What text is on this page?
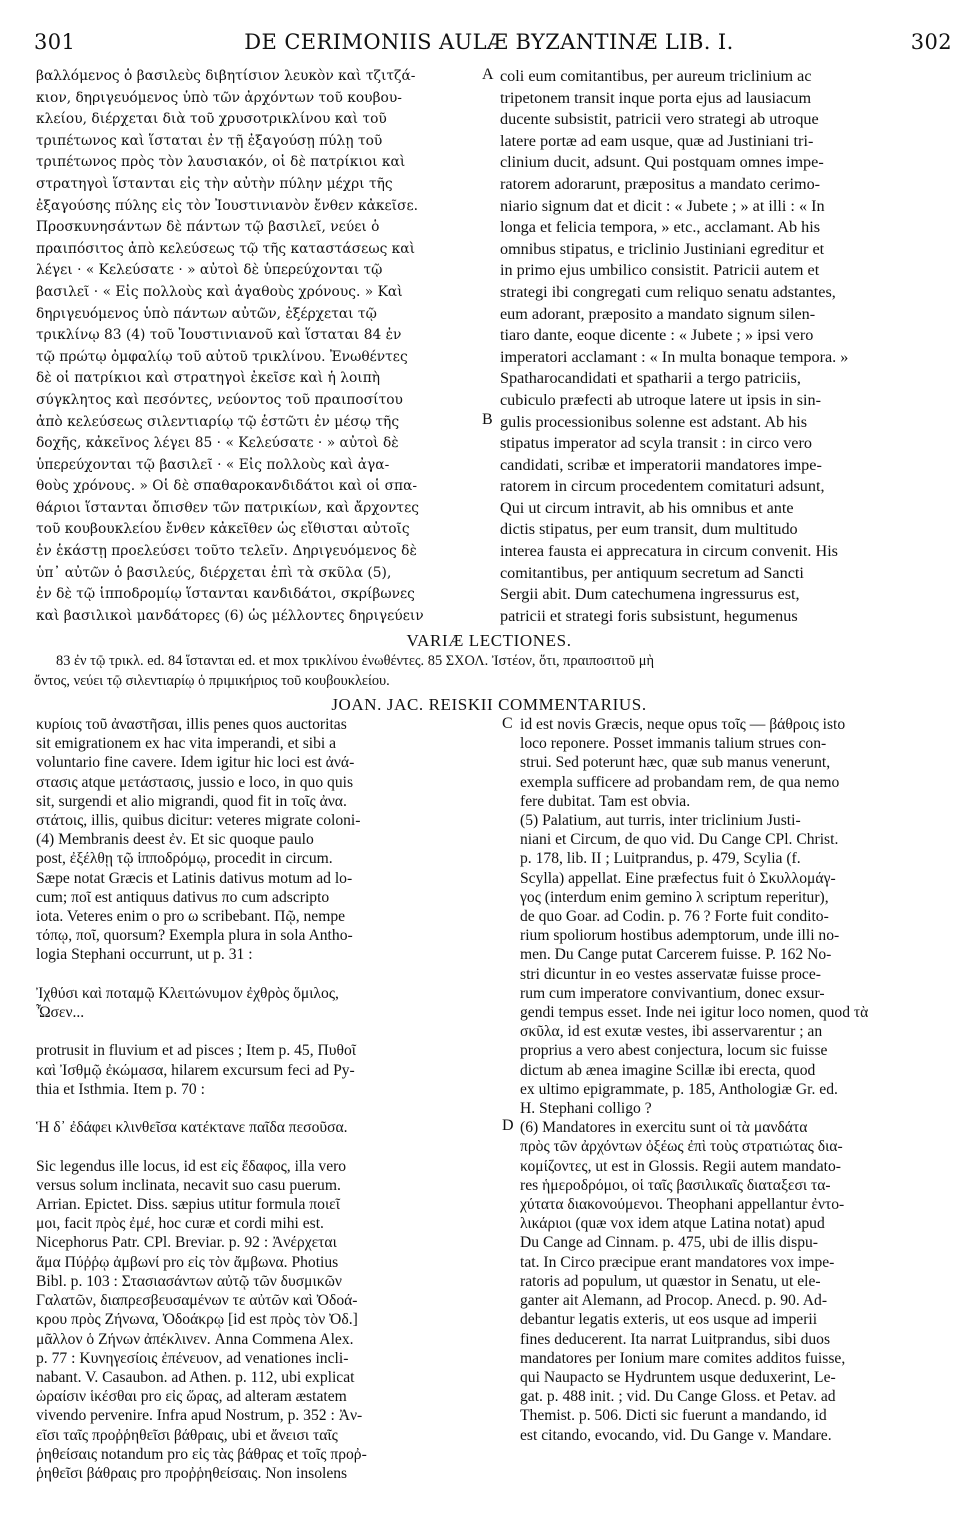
301	DE CERIMONIIS AULÆ BYZANTINÆ LIB. I.	302
βαλλόμενος ὁ βασιλεὺς διβητίσιον λευκὸν καὶ τζιτζά-
κιον, δηριγευόμενος ὑπὸ τῶν ἀρχόντων τοῦ κουβου-
κλείου, διέρχεται διὰ τοῦ χρυσοτρικλίνου καὶ τοῦ
τριπέτωνος καὶ ἵσταται ἐν τῇ ἐξαγούσῃ πύλῃ τοῦ
τριπέτωνος πρὸς τὸν λαυσιακόν, οἱ δὲ πατρίκιοι καὶ
στρατηγοὶ ἵστανται εἰς τὴν αὐτὴν πύλην μέχρι τῆς
ἐξαγούσης πύλης εἰς τὸν Ἰουστινιανὸν ἔνθεν κἀκεῖσε.
Προσκυνησάντων δὲ πάντων τῷ βασιλεῖ, νεύει ὁ
πραιπόσιτος ἀπὸ κελεύσεως τῷ τῆς καταστάσεως καὶ
λέγει · « Κελεύσατε · » αὐτοὶ δὲ ὑπερεύχονται τῷ
βασιλεῖ · « Εἰς πολλοὺς καὶ ἀγαθοὺς χρόνους. » Καὶ
δηριγευόμενος ὑπὸ πάντων αὐτῶν, ἐξέρχεται τῷ
τρικλίνῳ 83 (4) τοῦ Ἰουστινιανοῦ καὶ ἵσταται 84 ἐν
τῷ πρώτῳ ὀμφαλίῳ τοῦ αὐτοῦ τρικλίνου. Ἐνωθέντες
δὲ οἱ πατρίκιοι καὶ στρατηγοὶ ἐκεῖσε καὶ ἡ λοιπὴ
σύγκλητος καὶ πεσόντες, νεύοντος τοῦ πραιποσίτου
ἀπὸ κελεύσεως σιλεντιαρίῳ τῷ ἑστῶτι ἐν μέσῳ τῆς
δοχῆς, κἀκεῖνος λέγει 85 · « Κελεύσατε · » αὐτοὶ δὲ
ὑπερεύχονται τῷ βασιλεῖ · « Εἰς πολλοὺς καὶ ἀγα-
θοὺς χρόνους. » Οἱ δὲ σπαθαροκανδιδάτοι καὶ οἱ σπα-
θάριοι ἵστανται ὄπισθεν τῶν πατρικίων, καὶ ἄρχοντες
τοῦ κουβουκλείου ἔνθεν κἀκεῖθεν ὡς εἴθισται αὐτοῖς
ἐν ἑκάστῃ προελεύσει τοῦτο τελεῖν. Δηριγευόμενος δὲ
ὑπ᾽ αὐτῶν ὁ βασιλεύς, διέρχεται ἐπὶ τὰ σκῦλα (5),
ἐν δὲ τῷ ἱπποδρομίῳ ἵστανται κανδιδάτοι, σκρίβωνες
καὶ βασιλικοὶ μανδάτορες (6) ὡς μέλλοντες δηριγεύειν
coli eum comitantibus, per aureum triclinium ac
tripetonem transit inque porta ejus ad lausiacum
ducente subsistit, patricii vero strategi ab utroque
latere portæ ad eam usque, quæ ad Justiniani tri-
clinium ducit, adsunt. Qui postquam omnes impe-
ratorem adorarunt, præpositus a mandato cerimo-
niario signum dat et dicit : « Jubete ; » at illi : « In
longa et felicia tempora, » etc., acclamant. Ab his
omnibus stipatus, e triclinio Justiniani egreditur et
in primo ejus umbilico consistit. Patricii autem et
strategi ibi congregati cum reliquo senatu adstantes,
eum adorant, præposito a mandato signum silen-
tiaro dante, eoque dicente : « Jubete ; » ipsi vero
imperatori acclamant : « In multa bonaque tempora. »
Spatharocandidati et spatharii a tergo patriciis,
cubiculo præfecti ab utroque latere ut ipsis in sin-
gulis processionibus solenne est adstant. Ab his
stipatus imperator ad scyla transit : in circo vero
candidati, scribæ et imperatorii mandatores impe-
ratorem in circum procedentem comitaturi adsunt,
Qui ut circum intravit, ab his omnibus et ante
dictis stipatus, per eum transit, dum multitudo
interea fausta ei apprecatura in circum convenit. His
comitantibus, per antiquum secretum ad Sancti
Sergii abit. Dum catechumena ingressurus est,
patricii et strategi foris subsistunt, hegumenus
A
B
VARIÆ LECTIONES.
83 ἐν τῷ τρικλ. ed. 84 ἵστανται ed. et mox τρικλίνου ἐνωθέντες. 85 ΣΧΟΛ. Ἰστέον, ὅτι, πραιποσιτοῦ μὴ
ὄντος, νεύει τῷ σιλεντιαρίῳ ὁ πριμικήριος τοῦ κουβουκλείου.
JOAN. JAC. REISKII COMMENTARIUS.
κυρίοις τοῦ ἀναστῆσαι, illis penes quos auctoritas
sit emigrationem ex hac vita imperandi, et sibi a
voluntario fine cavere. Idem igitur hic loci est ἀνά-
στασις atque μετάστασις, jussio e loco, in quo quis
sit, surgendi et alio migrandi, quod fit in τοῖς ἀνα.
στάτοις, illis, quibus dicitur: veteres migrate coloni-
(4) Membranis deest ἐν. Et sic quoque paulo
post, ἐξέλθῃ τῷ ἱπποδρόμῳ, procedit in circum.
Sæpe notat Græcis et Latinis dativus motum ad lo-
cum; ποῖ est antiquus dativus πο cum adscripto
iota. Veteres enim o pro ω scribebant. Πῷ, nempe
τόπῳ, ποῖ, quorsum? Exempla plura in sola Antho-
logia Stephani occurrunt, ut p. 31 :

Ἰχθύσι καὶ ποταμῷ Κλειτώνυμον ἐχθρὸς ὅμιλος,
Ὦσεν...

protrusit in fluvium et ad pisces ; Item p. 45, Πυθοῖ
καὶ Ἰσθμῷ ἐκώμασα, hilarem excursum feci ad Py-
thia et Isthmia. Item p. 70 :

Ἡ δ᾽ ἐδάφει κλινθεῖσα κατέκτανε παῖδα πεσοῦσα.

Sic legendus ille locus, id est εἰς ἔδαφος, illa vero
versus solum inclinata, necavit suo casu puerum.
Arrian. Epictet. Diss. sæpius utitur formula ποιεῖ
μοι, facit πρὸς ἐμέ, hoc curæ et cordi mihi est.
Nicephorus Patr. CPl. Breviar. p. 92 : Ἀνέρχεται
ἅμα Πύῤῥῳ ἀμβωνί pro εἰς τὸν ἄμβωνα. Photius
Bibl. p. 103 : Στασιασάντων αὐτῷ τῶν δυσμικῶν
Γαλατῶν, διαπρεσβευσαμένων τε αὐτῶν καὶ Ὀδοά-
κρου πρὸς Ζήνωνα, Ὀδοάκρῳ [id est πρὸς τὸν Ὀδ.]
μᾶλλον ὁ Ζήνων ἀπέκλινεν. Anna Commena Alex.
p. 77 : Κυνηγεσίοις ἐπένευον, ad venationes incli-
nabant. V. Casaubon. ad Athen. p. 112, ubi explicat
ὡραίσιν ἱκέσθαι pro εἰς ὥρας, ad alteram æstatem
vivendo pervenire. Infra apud Nostrum, p. 352 : Ἀν-
εῖσι ταῖς προῤῥηθεῖσι βάθραις, ubi et ἄνεισι ταῖς
ῥηθείσαις notandum pro εἰς τὰς βάθρας et τοῖς προῤ-
ῥηθεῖσι βάθραις pro προῤῥηθείσαις. Non insolens
id est novis Græcis, neque opus τοῖς — βάθροις isto
loco reponere. Posset immanis talium strues con-
strui. Sed poterunt hæc, quæ sub manus venerunt,
exempla sufficere ad probandam rem, de qua nemo
fere dubitat. Tam est obvia.
(5) Palatium, aut turris, inter triclinium Justi-
niani et Circum, de quo vid. Du Cange CPl. Christ.
p. 178, lib. II ; Luitprandus, p. 479, Scylia (f.
Scylla) appellat. Eine præfectus fuit ὁ Σκυλλομάγ-
γος (interdum enim gemino λ scriptum reperitur),
de quo Goar. ad Codin. p. 76 ? Forte fuit condito-
rium spoliorum hostibus ademptorum, unde illi no-
men. Du Cange putat Carcerem fuisse. P. 162 No-
stri dicuntur in eo vestes asservatæ fuisse proce-
rum cum imperatore convivantium, donec exsur-
gendi tempus esset. Inde nei igitur loco nomen, quod τὰ
σκῦλα, id est exutæ vestes, ibi asservarentur ; an
proprius a vero abest conjectura, locum sic fuisse
dictum ab æneа imagine Scillæ ibi erecta, quod
ex ultimo epigrammate, p. 185, Anthologiæ Gr. ed.
H. Stephani colligo ?
(6) Mandatores in exercitu sunt οἱ τὰ μανδάτα
πρὸς τῶν ἀρχόντων ὀξέως ἐπὶ τοὺς στρατιώτας δια-
κομίζοντες, ut est in Glossis. Regii autem mandato-
res ἡμεροδρόμοι, οἱ ταῖς βασιλικαῖς διαταξεσι τα-
χύτατα διακονούμενοι. Theophani appellantur ἐντο-
λικάριοι (quæ vox idem atque Latina notat) apud
Du Cange ad Cinnam. p. 475, ubi de illis dispu-
tat. In Circo præcipue erant mandatores vox impe-
ratoris ad populum, ut quæstor in Senatu, ut ele-
ganter ait Alemann, ad Procop. Anecd. p. 90. Ad-
debantur legatis exteris, ut eos usque ad imperii
fines deducerent. Ita narrat Luitprandus, sibi duos
mandatores per Ionium mare comites additos fuisse,
qui Naupacto se Hydruntem usque deduxerint, Le-
gat. p. 488 init. ; vid. Du Cange Gloss. et Petav. ad
Themist. p. 506. Dicti sic fuerunt a mandando, id
est citando, evocando, vid. Du Gange v. Mandare.
C
D
